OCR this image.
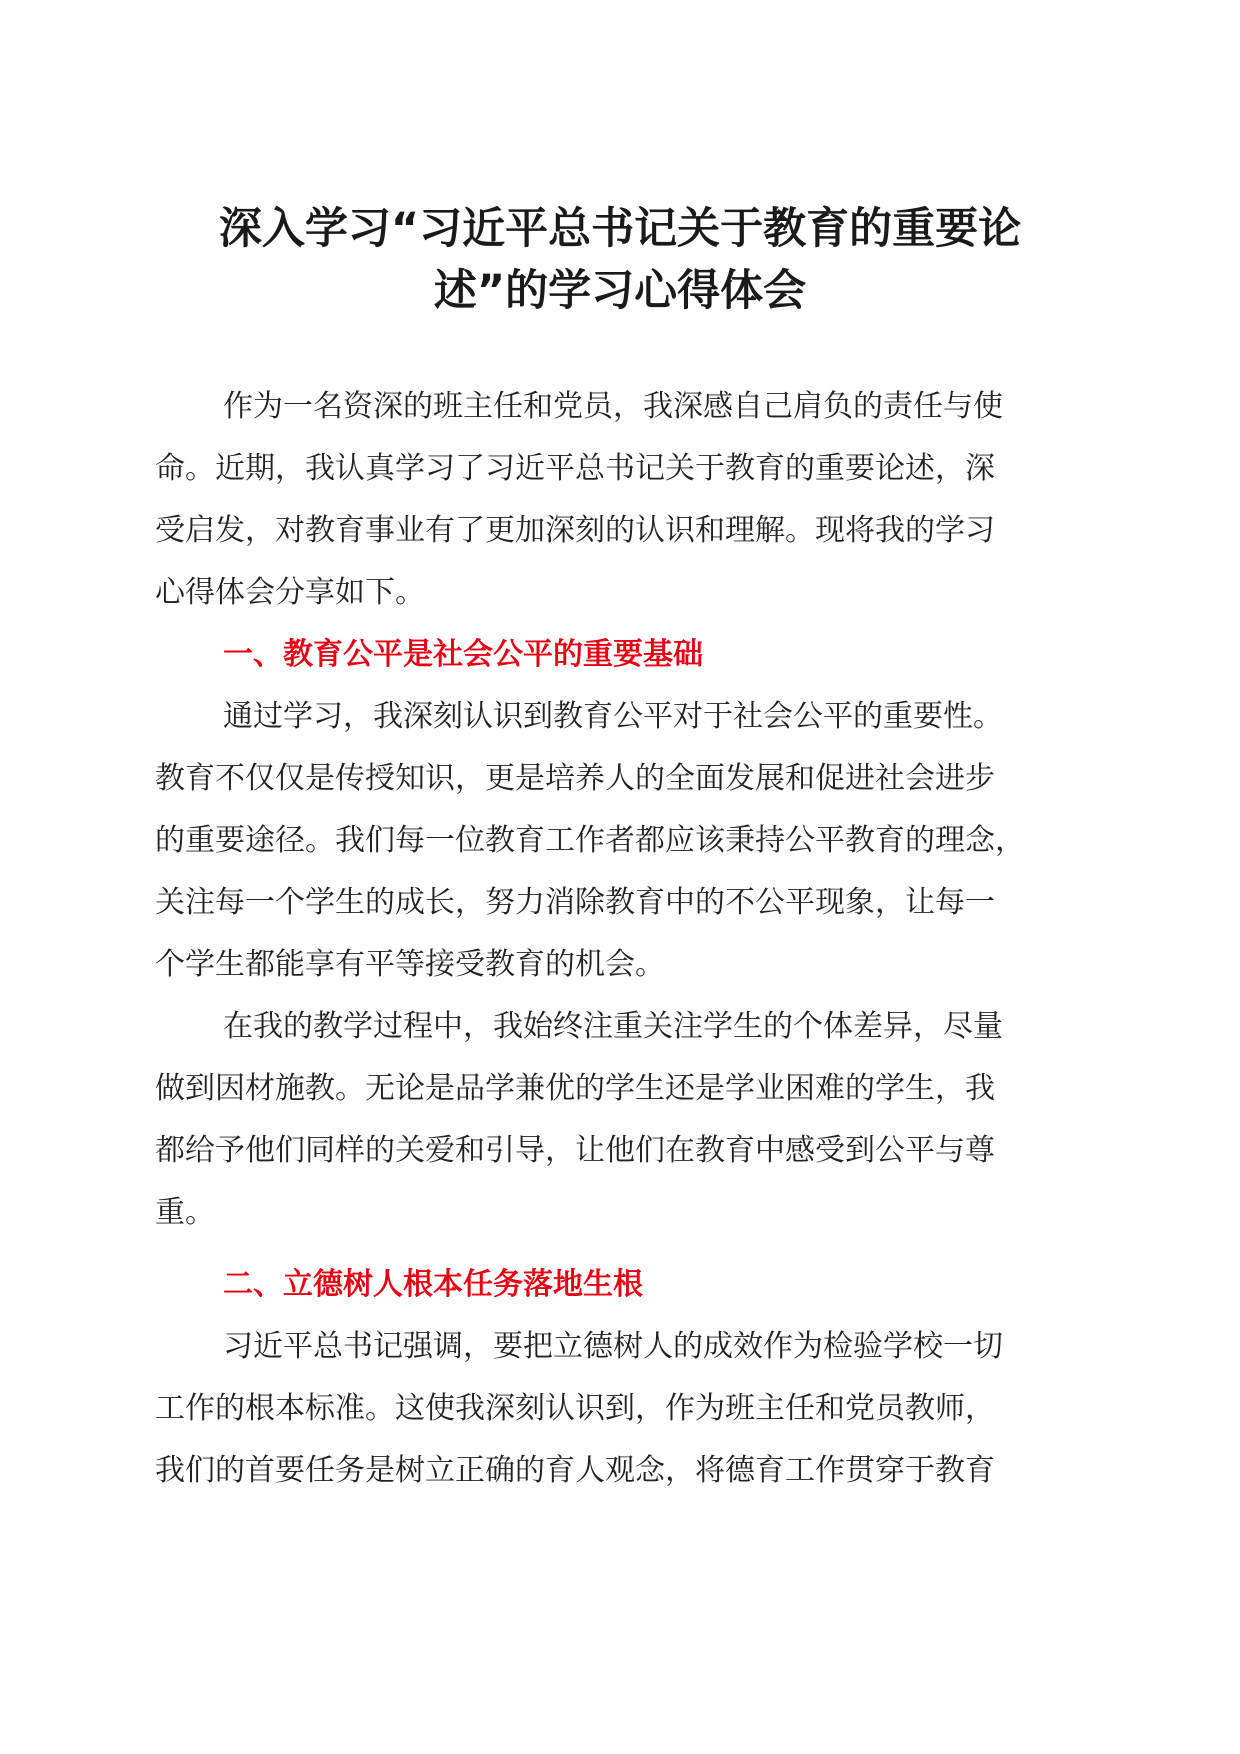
深入学习“习近平总书记关于教育的重要论
述”的学习心得体会
作为一名资深的班主任和党员，我深感自己肩负的责任与使
命。近期，我认真学习了习近平总书记关于教育的重要论述，深
受启发，对教育事业有了更加深刻的认识和理解。现将我的学习
心得体会分享如下。
一、教育公平是社会公平的重要基础
通过学习，我深刻认识到教育公平对于社会公平的重要性。
教育不仅仅是传授知识，更是培养人的全面发展和促进社会进步
的重要途径。我们每一位教育工作者都应该秉持公平教育的理念，
关注每一个学生的成长，努力消除教育中的不公平现象，让每一
个学生都能享有平等接受教育的机会。
在我的教学过程中，我始终注重关注学生的个体差异，尽量
做到因材施教。无论是品学兼优的学生还是学业困难的学生，我
都给予他们同样的关爱和引导，让他们在教育中感受到公平与尊
重。
二、立德树人根本任务落地生根
习近平总书记强调，要把立德树人的成效作为检验学校一切
工作的根本标准。这使我深刻认识到，作为班主任和党员教师，
我们的首要任务是树立正确的育人观念，将德育工作贯穿于教育
